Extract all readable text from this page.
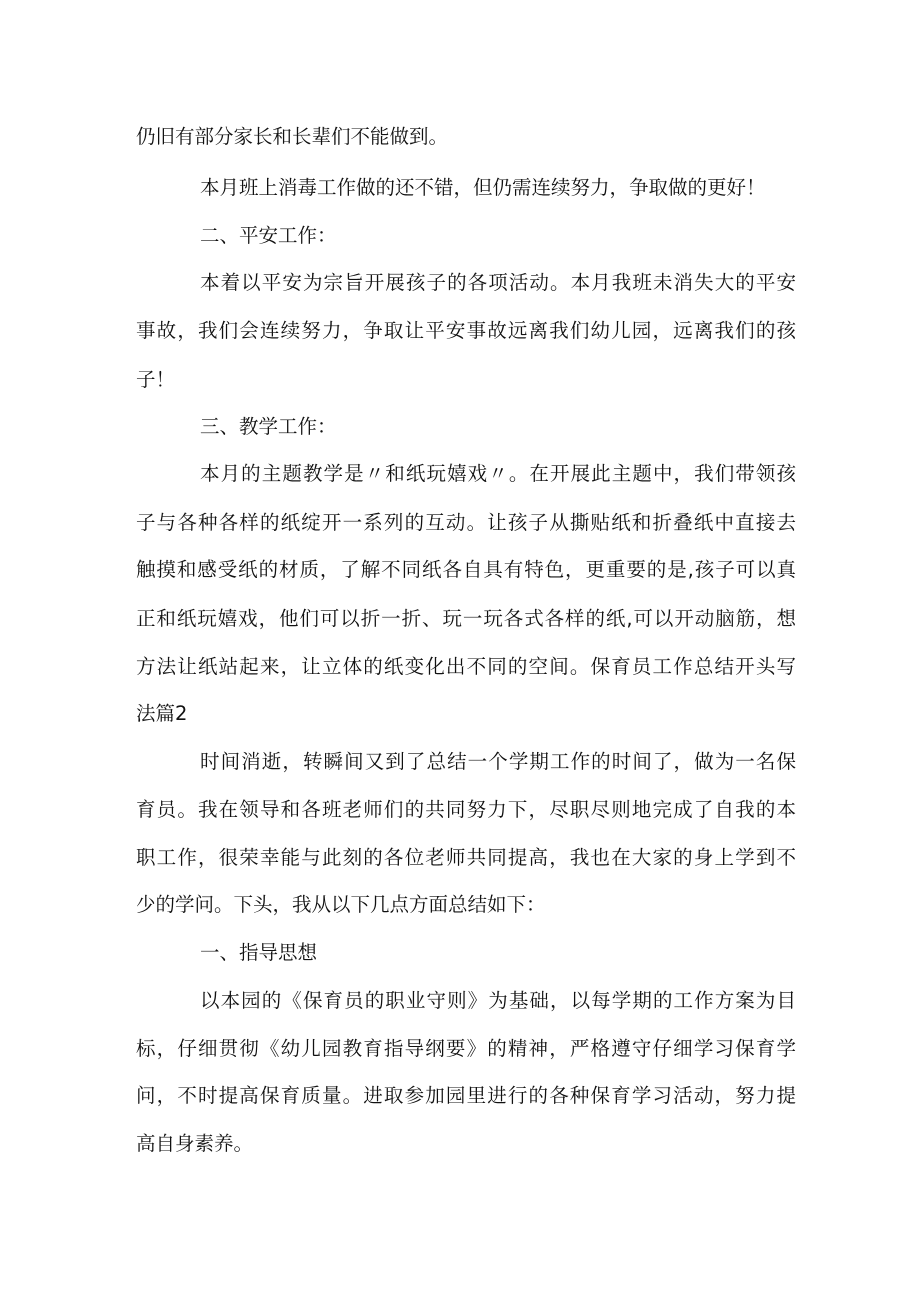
仍旧有部分家长和长辈们不能做到。
本月班上消毒工作做的还不错，但仍需连续努力，争取做的更好！
二、平安工作：
本着以平安为宗旨开展孩子的各项活动。本月我班未消失大的平安
事故，我们会连续努力，争取让平安事故远离我们幼儿园，远离我们的孩
子！
三、教学工作：
本月的主题教学是〃和纸玩嬉戏〃。在开展此主题中，我们带领孩
子与各种各样的纸绽开一系列的互动。让孩子从撕贴纸和折叠纸中直接去
触摸和感受纸的材质，了解不同纸各自具有特色，更重要的是,孩子可以真
正和纸玩嬉戏，他们可以折一折、玩一玩各式各样的纸,可以开动脑筋，想
方法让纸站起来，让立体的纸变化出不同的空间。保育员工作总结开头写
法篇2
时间消逝，转瞬间又到了总结一个学期工作的时间了，做为一名保
育员。我在领导和各班老师们的共同努力下，尽职尽则地完成了自我的本
职工作，很荣幸能与此刻的各位老师共同提高，我也在大家的身上学到不
少的学问。下头，我从以下几点方面总结如下：
一、指导思想
以本园的《保育员的职业守则》为基础，以每学期的工作方案为目
标，仔细贯彻《幼儿园教育指导纲要》的精神，严格遵守仔细学习保育学
问，不时提高保育质量。进取参加园里进行的各种保育学习活动，努力提
高自身素养。
